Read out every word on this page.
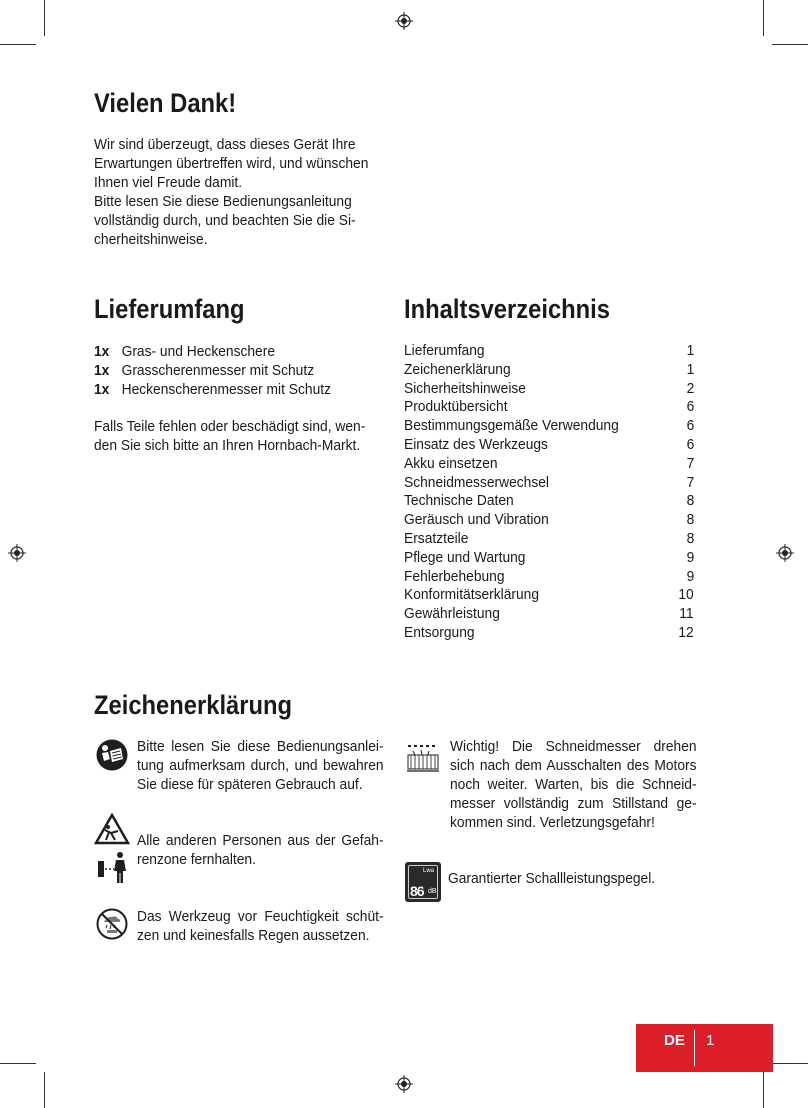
Vielen Dank!
Wir sind überzeugt, dass dieses Gerät Ihre
Erwartungen übertreffen wird, und wünschen
Ihnen viel Freude damit.
Bitte lesen Sie diese Bedienungsanleitung
vollständig durch, und beachten Sie die Si-
cherheitshinweise.
Lieferumfang
1x Gras- und Heckenschere
1x Grasscherenmesser mit Schutz
1x Heckenscherenmesser mit Schutz
Falls Teile fehlen oder beschädigt sind, wen-
den Sie sich bitte an Ihren Hornbach-Markt.
Inhaltsverzeichnis
Lieferumfang	1
Zeichenerklärung	1
Sicherheitshinweise	2
Produktübersicht	6
Bestimmungsgemäße Verwendung	6
Einsatz des Werkzeugs	6
Akku einsetzen	7
Schneidmesserwechsel	7
Technische Daten	8
Geräusch und Vibration	8
Ersatzteile	8
Pflege und Wartung	9
Fehlerbehebung	9
Konformitätserklärung	10
Gewährleistung	11
Entsorgung	12
Zeichenerklärung
Bitte lesen Sie diese Bedienungsanlei-
tung aufmerksam durch, und bewahren
Sie diese für späteren Gebrauch auf.
Alle anderen Personen aus der Gefah-
renzone fernhalten.
Das Werkzeug vor Feuchtigkeit schüt-
zen und keinesfalls Regen aussetzen.
Wichtig! Die Schneidmesser drehen
sich nach dem Ausschalten des Motors
noch weiter. Warten, bis die Schneid-
messer vollständig zum Stillstand ge-
kommen sind. Verletzungsgefahr!
Lwa
86 dB
Garantierter Schallleistungspegel.
DE 1
